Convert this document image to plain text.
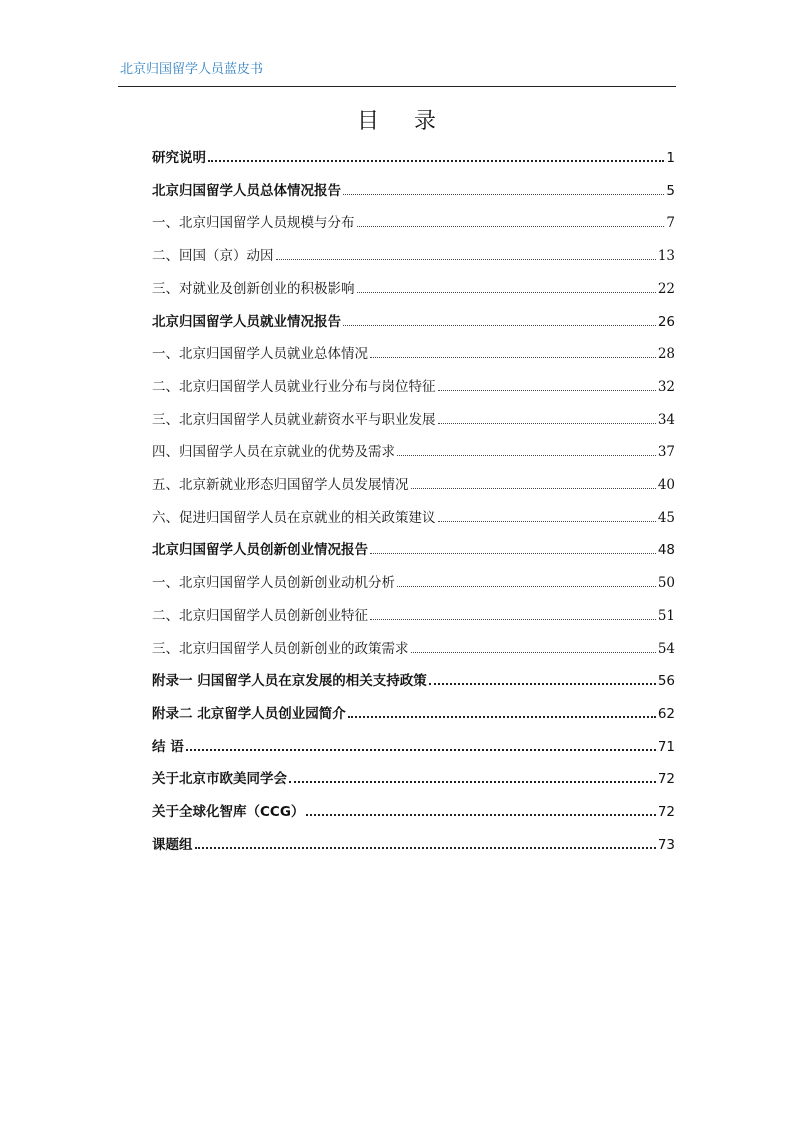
北京归国留学人员蓝皮书
目 录
研究说明	1
北京归国留学人员总体情况报告	5
一、北京归国留学人员规模与分布	7
二、回国（京）动因	13
三、对就业及创新创业的积极影响	22
北京归国留学人员就业情况报告	26
一、北京归国留学人员就业总体情况	28
二、北京归国留学人员就业行业分布与岗位特征	32
三、北京归国留学人员就业薪资水平与职业发展	34
四、归国留学人员在京就业的优势及需求	37
五、北京新就业形态归国留学人员发展情况	40
六、促进归国留学人员在京就业的相关政策建议	45
北京归国留学人员创新创业情况报告	48
一、北京归国留学人员创新创业动机分析	50
二、北京归国留学人员创新创业特征	51
三、北京归国留学人员创新创业的政策需求	54
附录一 归国留学人员在京发展的相关支持政策	56
附录二 北京留学人员创业园简介	62
结 语	71
关于北京市欧美同学会	72
关于全球化智库（CCG）	72
课题组	73
